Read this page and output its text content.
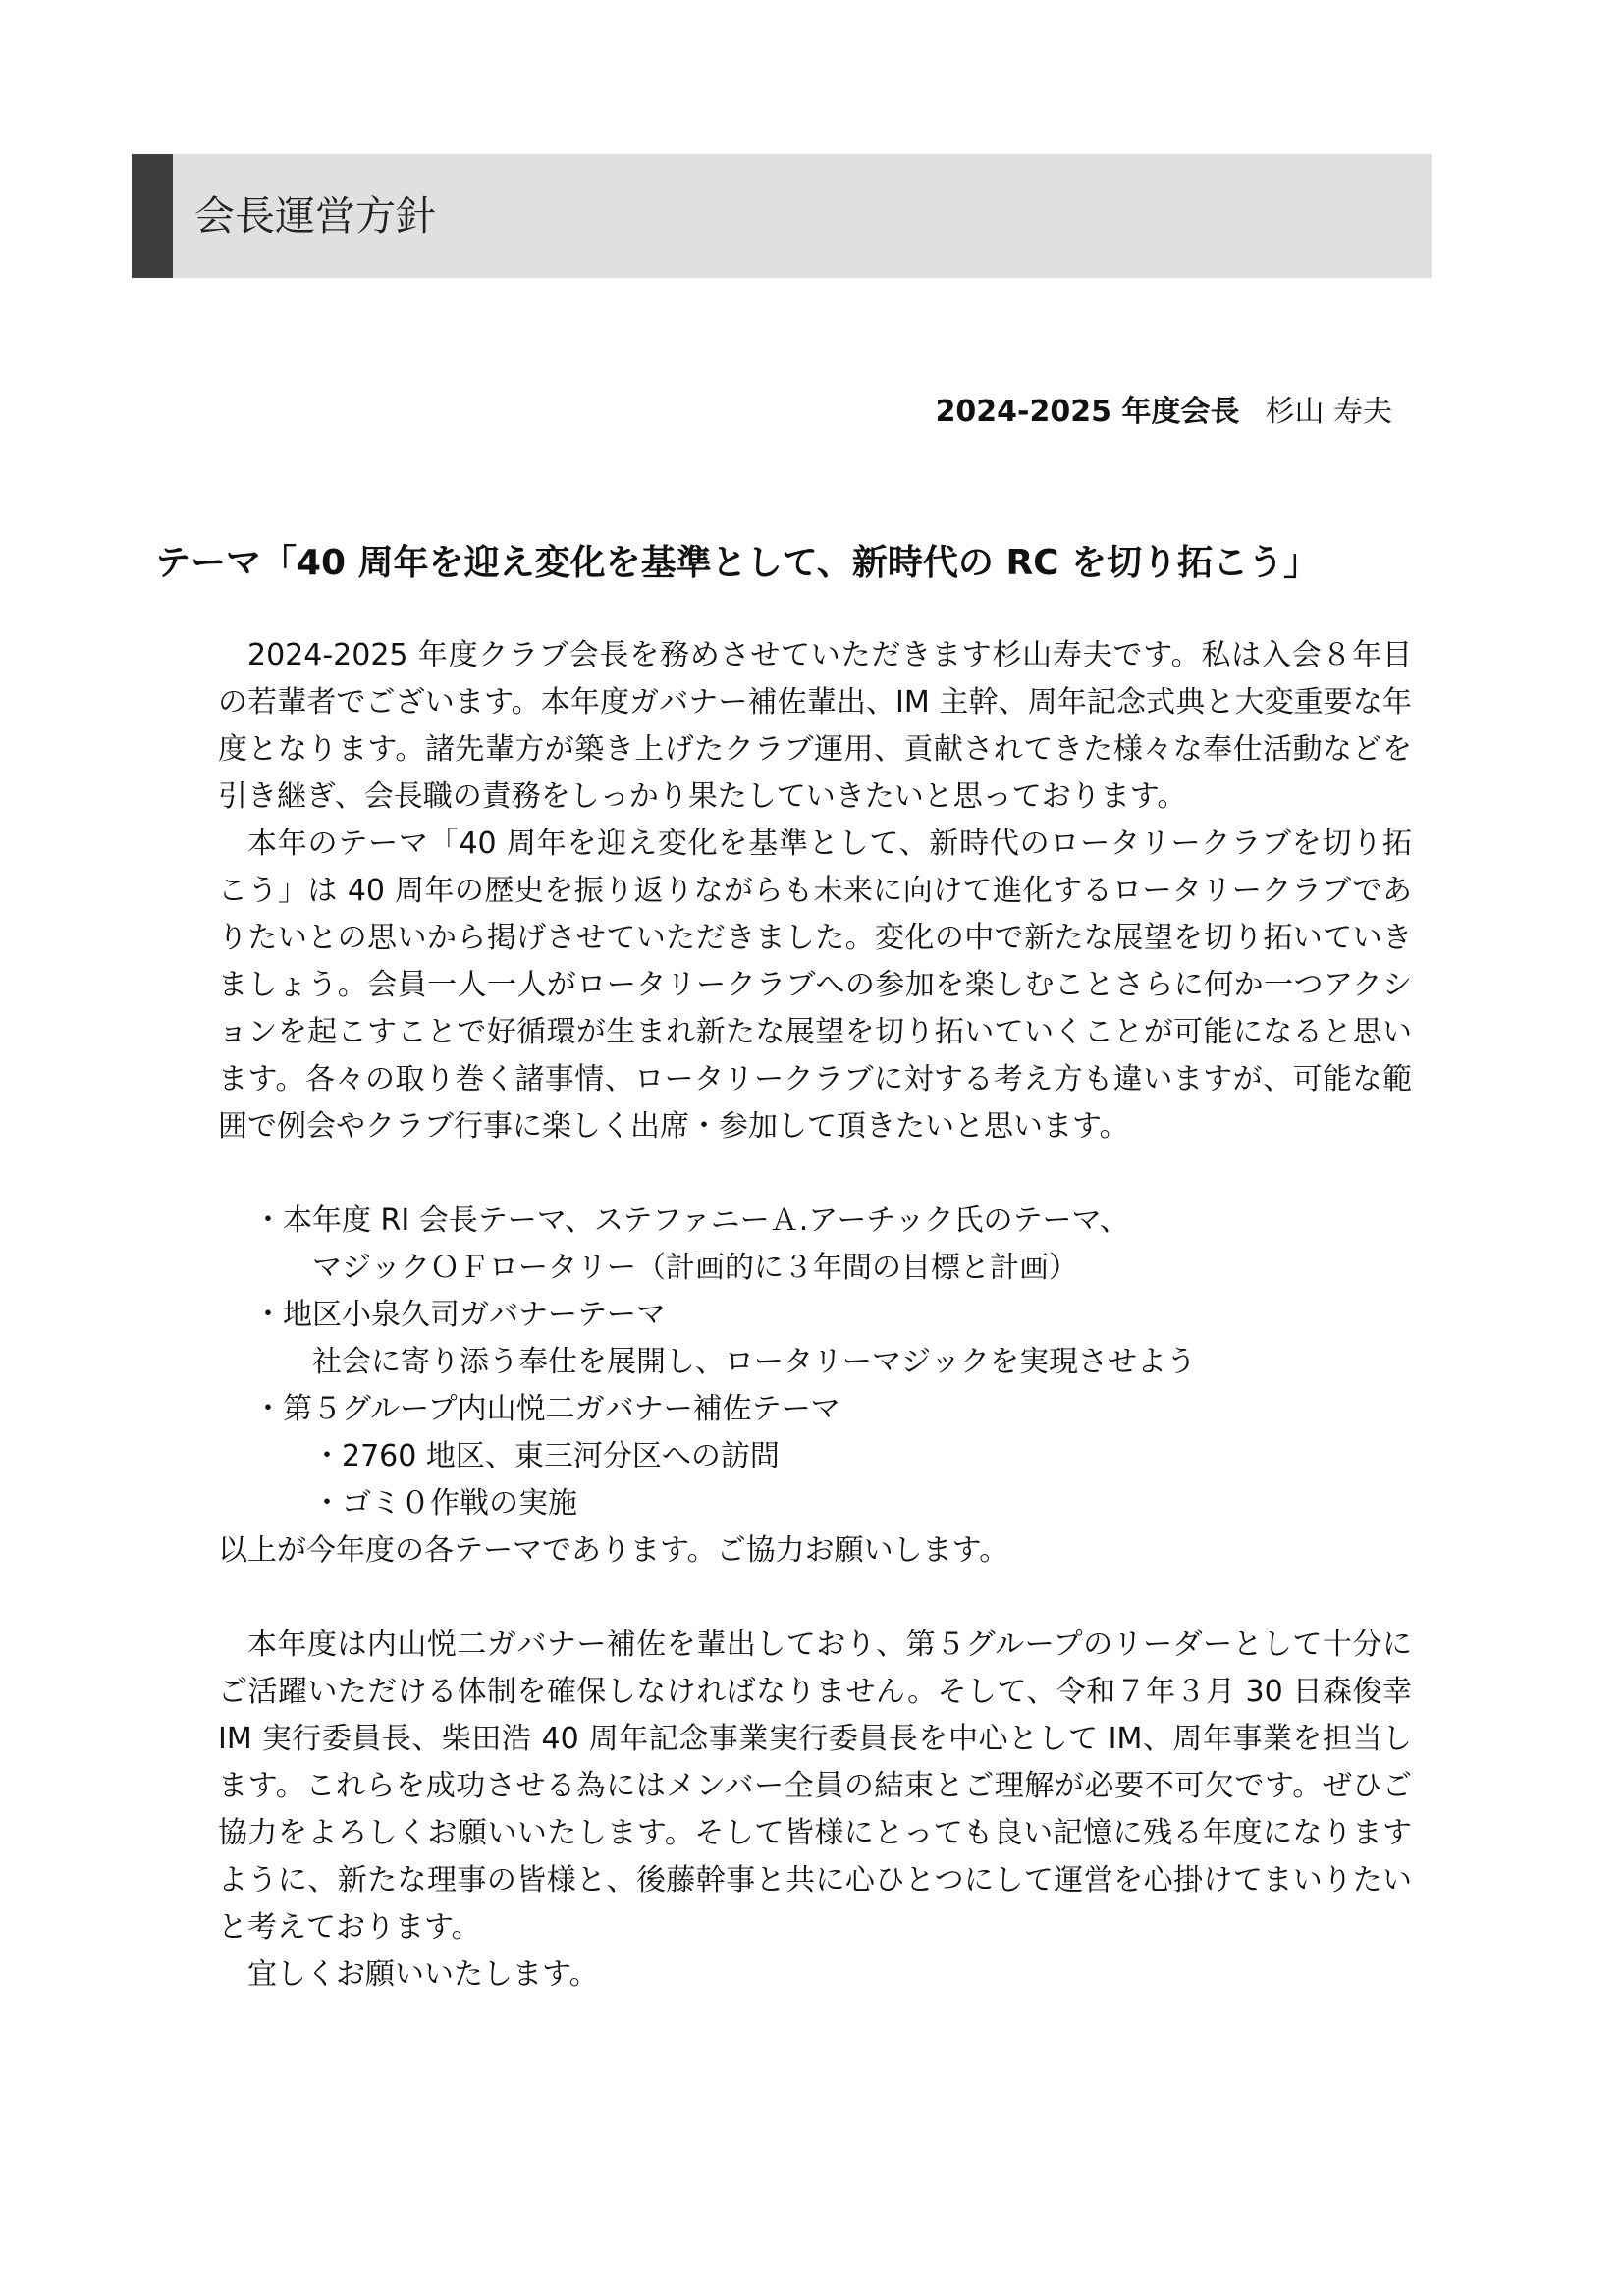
会長運営方針
2024-2025 年度会長 杉山 寿夫
テーマ「40 周年を迎え変化を基準として、新時代の RC を切り拓こう」

2024-2025 年度クラブ会長を務めさせていただきます杉山寿夫です。私は入会８年目の若輩者でございます。本年度ガバナー補佐輩出、IM 主幹、周年記念式典と大変重要な年度となります。諸先輩方が築き上げたクラブ運用、貢献されてきた様々な奉仕活動などを引き継ぎ、会長職の責務をしっかり果たしていきたいと思っております。

本年のテーマ「40 周年を迎え変化を基準として、新時代のロータリークラブを切り拓こう」は 40 周年の歴史を振り返りながらも未来に向けて進化するロータリークラブでありたいとの思いから掲げさせていただきました。変化の中で新たな展望を切り拓いていきましょう。会員一人一人がロータリークラブへの参加を楽しむことさらに何か一つアクションを起こすことで好循環が生まれ新たな展望を切り拓いていくことが可能になると思います。各々の取り巻く諸事情、ロータリークラブに対する考え方も違いますが、可能な範囲で例会やクラブ行事に楽しく出席・参加して頂きたいと思います。

・本年度 RI 会長テーマ、ステファニーＡ.アーチック氏のテーマ、
マジックＯＦロータリー（計画的に３年間の目標と計画）
・地区小泉久司ガバナーテーマ
社会に寄り添う奉仕を展開し、ロータリーマジックを実現させよう
・第５グループ内山悦二ガバナー補佐テーマ
・2760 地区、東三河分区への訪問
・ゴミ０作戦の実施
以上が今年度の各テーマであります。ご協力お願いします。

本年度は内山悦二ガバナー補佐を輩出しており、第５グループのリーダーとして十分にご活躍いただける体制を確保しなければなりません。そして、令和７年３月 30 日森俊幸 IM 実行委員長、柴田浩 40 周年記念事業実行委員長を中心として IM、周年事業を担当します。これらを成功させる為にはメンバー全員の結束とご理解が必要不可欠です。ぜひご協力をよろしくお願いいたします。そして皆様にとっても良い記憶に残る年度になりますように、新たな理事の皆様と、後藤幹事と共に心ひとつにして運営を心掛けてまいりたいと考えております。

宜しくお願いいたします。
